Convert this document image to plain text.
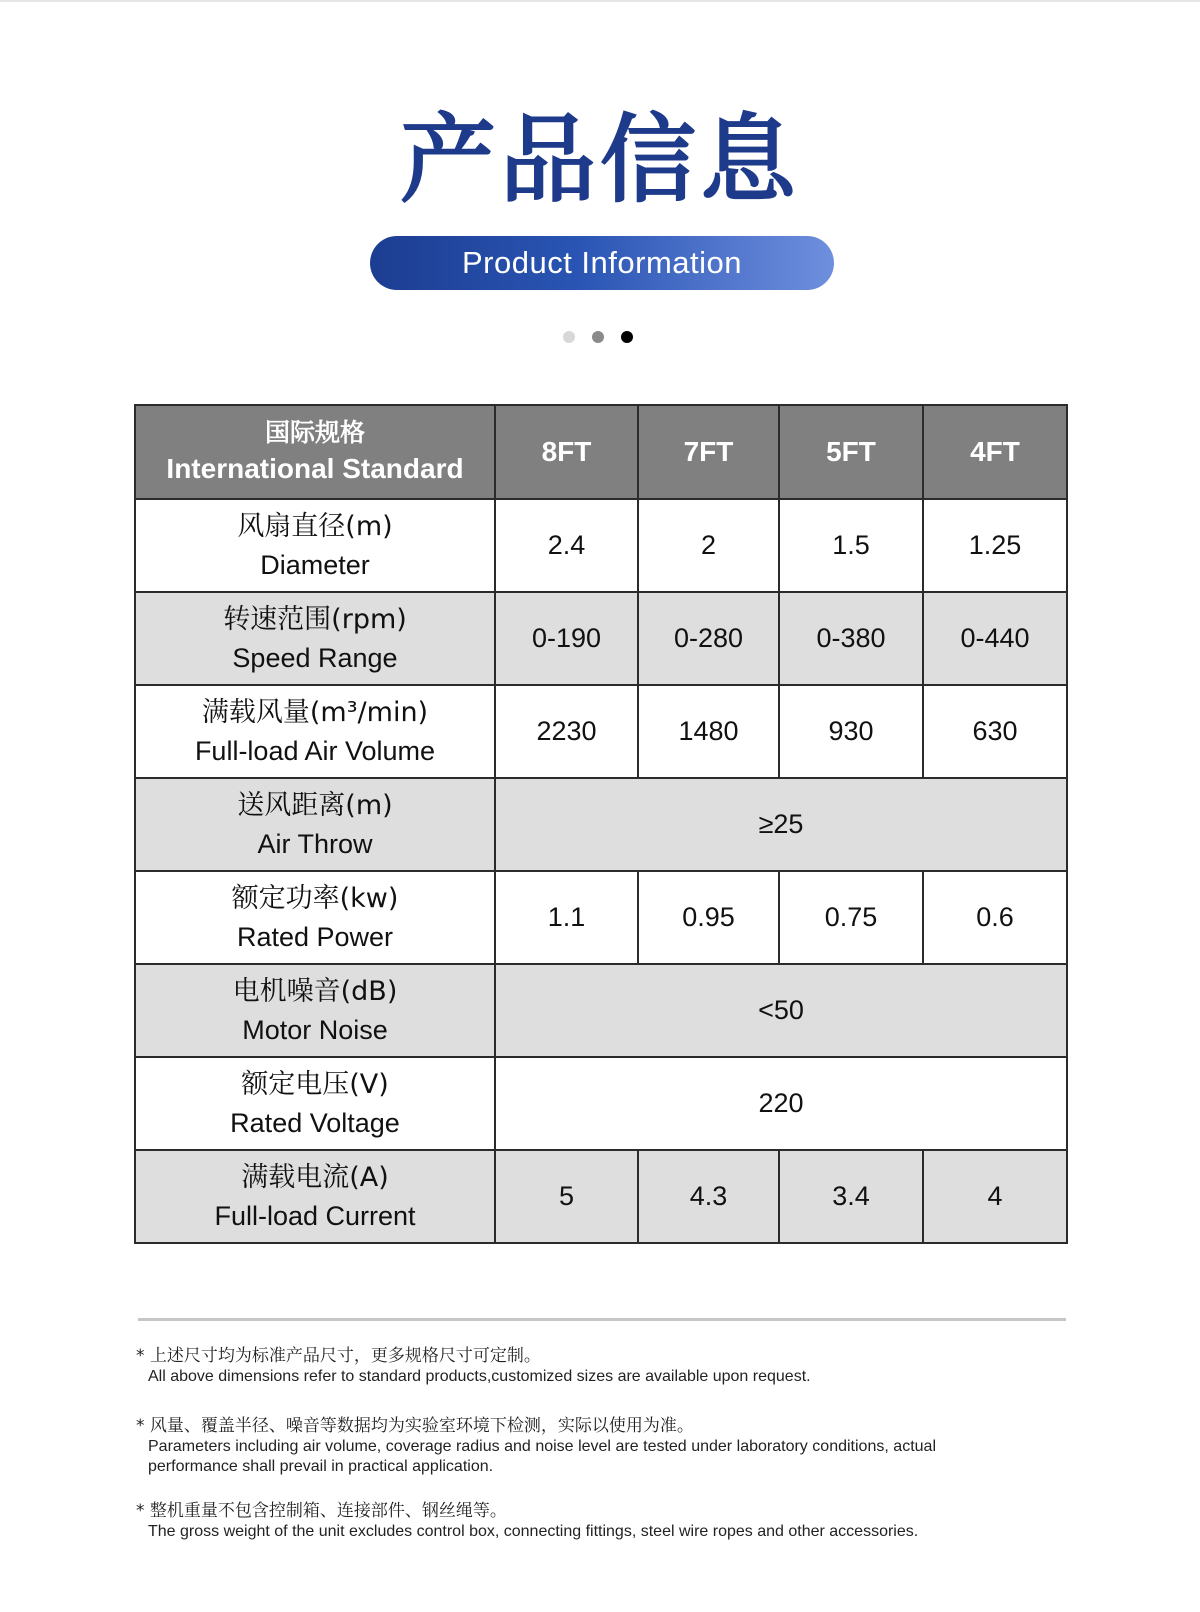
产品信息
Product Information
国际规格
International Standard	8FT	7FT	5FT	4FT

风扇直径(m)
Diameter	2.4	2	1.5	1.25

转速范围(rpm)
Speed Range	0-190	0-280	0-380	0-440

满载风量(m³/min)
Full-load Air Volume	2230	1480	930	630

送风距离(m)
Air Throw	≥25			

额定功率(kw)
Rated Power	1.1	0.95	0.75	0.6

电机噪音(dB)
Motor Noise	<50			

额定电压(V)
Rated Voltage	220			

满载电流(A)
Full-load Current	5	4.3	3.4	4
* 上述尺寸均为标准产品尺寸，更多规格尺寸可定制。
All above dimensions refer to standard products,customized sizes are available upon request.
* 风量、覆盖半径、噪音等数据均为实验室环境下检测，实际以使用为准。
Parameters including air volume, coverage radius and noise level are tested under laboratory conditions, actual performance shall prevail in practical application.
* 整机重量不包含控制箱、连接部件、钢丝绳等。
The gross weight of the unit excludes control box, connecting fittings, steel wire ropes and other accessories.
